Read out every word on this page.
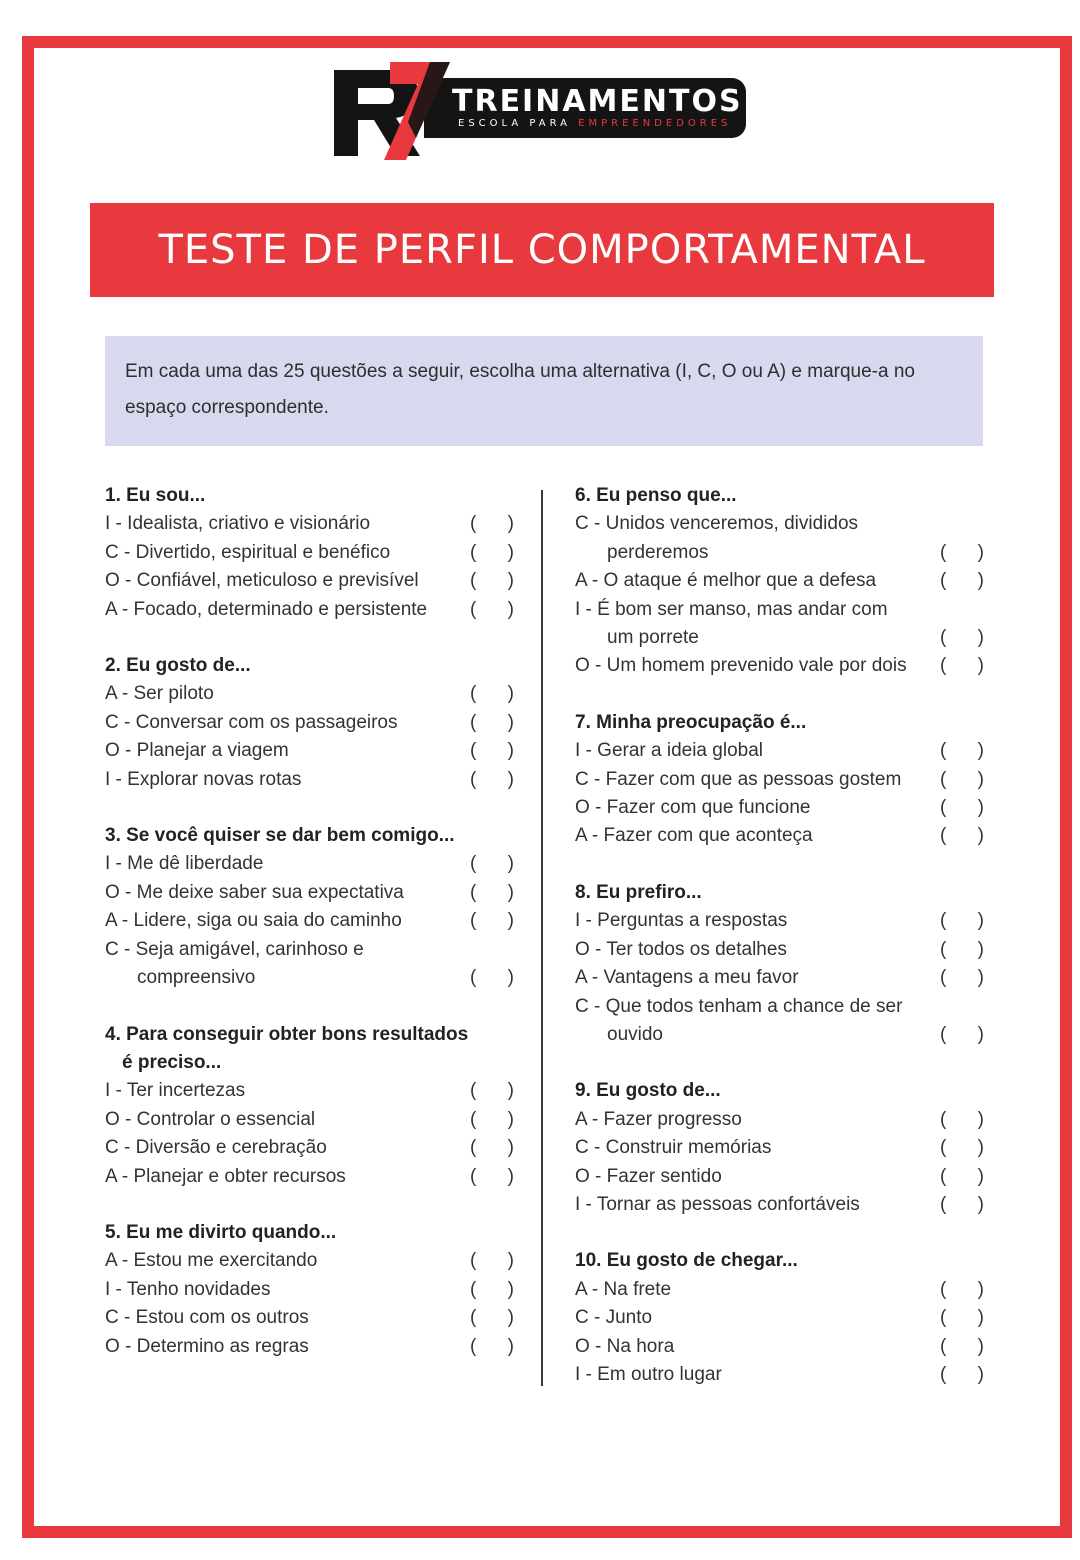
TREINAMENTOS
ESCOLA PARA EMPREENDEDORES
TESTE DE PERFIL COMPORTAMENTAL
Em cada uma das 25 questões a seguir, escolha uma alternativa (I, C, O ou A) e marque-a no espaço correspondente.
1. Eu sou...
I - Idealista, criativo e visionário	( )
C - Divertido, espiritual e benéfico	( )
O - Confiável, meticuloso e previsível	( )
A - Focado, determinado e persistente	( )
2. Eu gosto de...
A - Ser piloto	( )
C - Conversar com os passageiros	( )
O - Planejar a viagem	( )
I - Explorar novas rotas	( )
3. Se você quiser se dar bem comigo...
I - Me dê liberdade	( )
O - Me deixe saber sua expectativa	( )
A - Lidere, siga ou saia do caminho	( )
C - Seja amigável, carinhoso e
compreensivo	( )
4. Para conseguir obter bons resultados
é preciso...
I - Ter incertezas	( )
O - Controlar o essencial	( )
C - Diversão e cerebração	( )
A - Planejar e obter recursos	( )
5. Eu me divirto quando...
A - Estou me exercitando	( )
I - Tenho novidades	( )
C - Estou com os outros	( )
O - Determino as regras	( )
6. Eu penso que...
C - Unidos venceremos, divididos
perderemos	( )
A - O ataque é melhor que a defesa	( )
I - É bom ser manso, mas andar com
um porrete	( )
O - Um homem prevenido vale por dois	( )
7. Minha preocupação é...
I - Gerar a ideia global	( )
C - Fazer com que as pessoas gostem	( )
O - Fazer com que funcione	( )
A - Fazer com que aconteça	( )
8. Eu prefiro...
I - Perguntas a respostas	( )
O - Ter todos os detalhes	( )
A - Vantagens a meu favor	( )
C - Que todos tenham a chance de ser
ouvido	( )
9. Eu gosto de...
A - Fazer progresso	( )
C - Construir memórias	( )
O - Fazer sentido	( )
I - Tornar as pessoas confortáveis	( )
10. Eu gosto de chegar...
A - Na frete	( )
C - Junto	( )
O - Na hora	( )
I - Em outro lugar	( )
